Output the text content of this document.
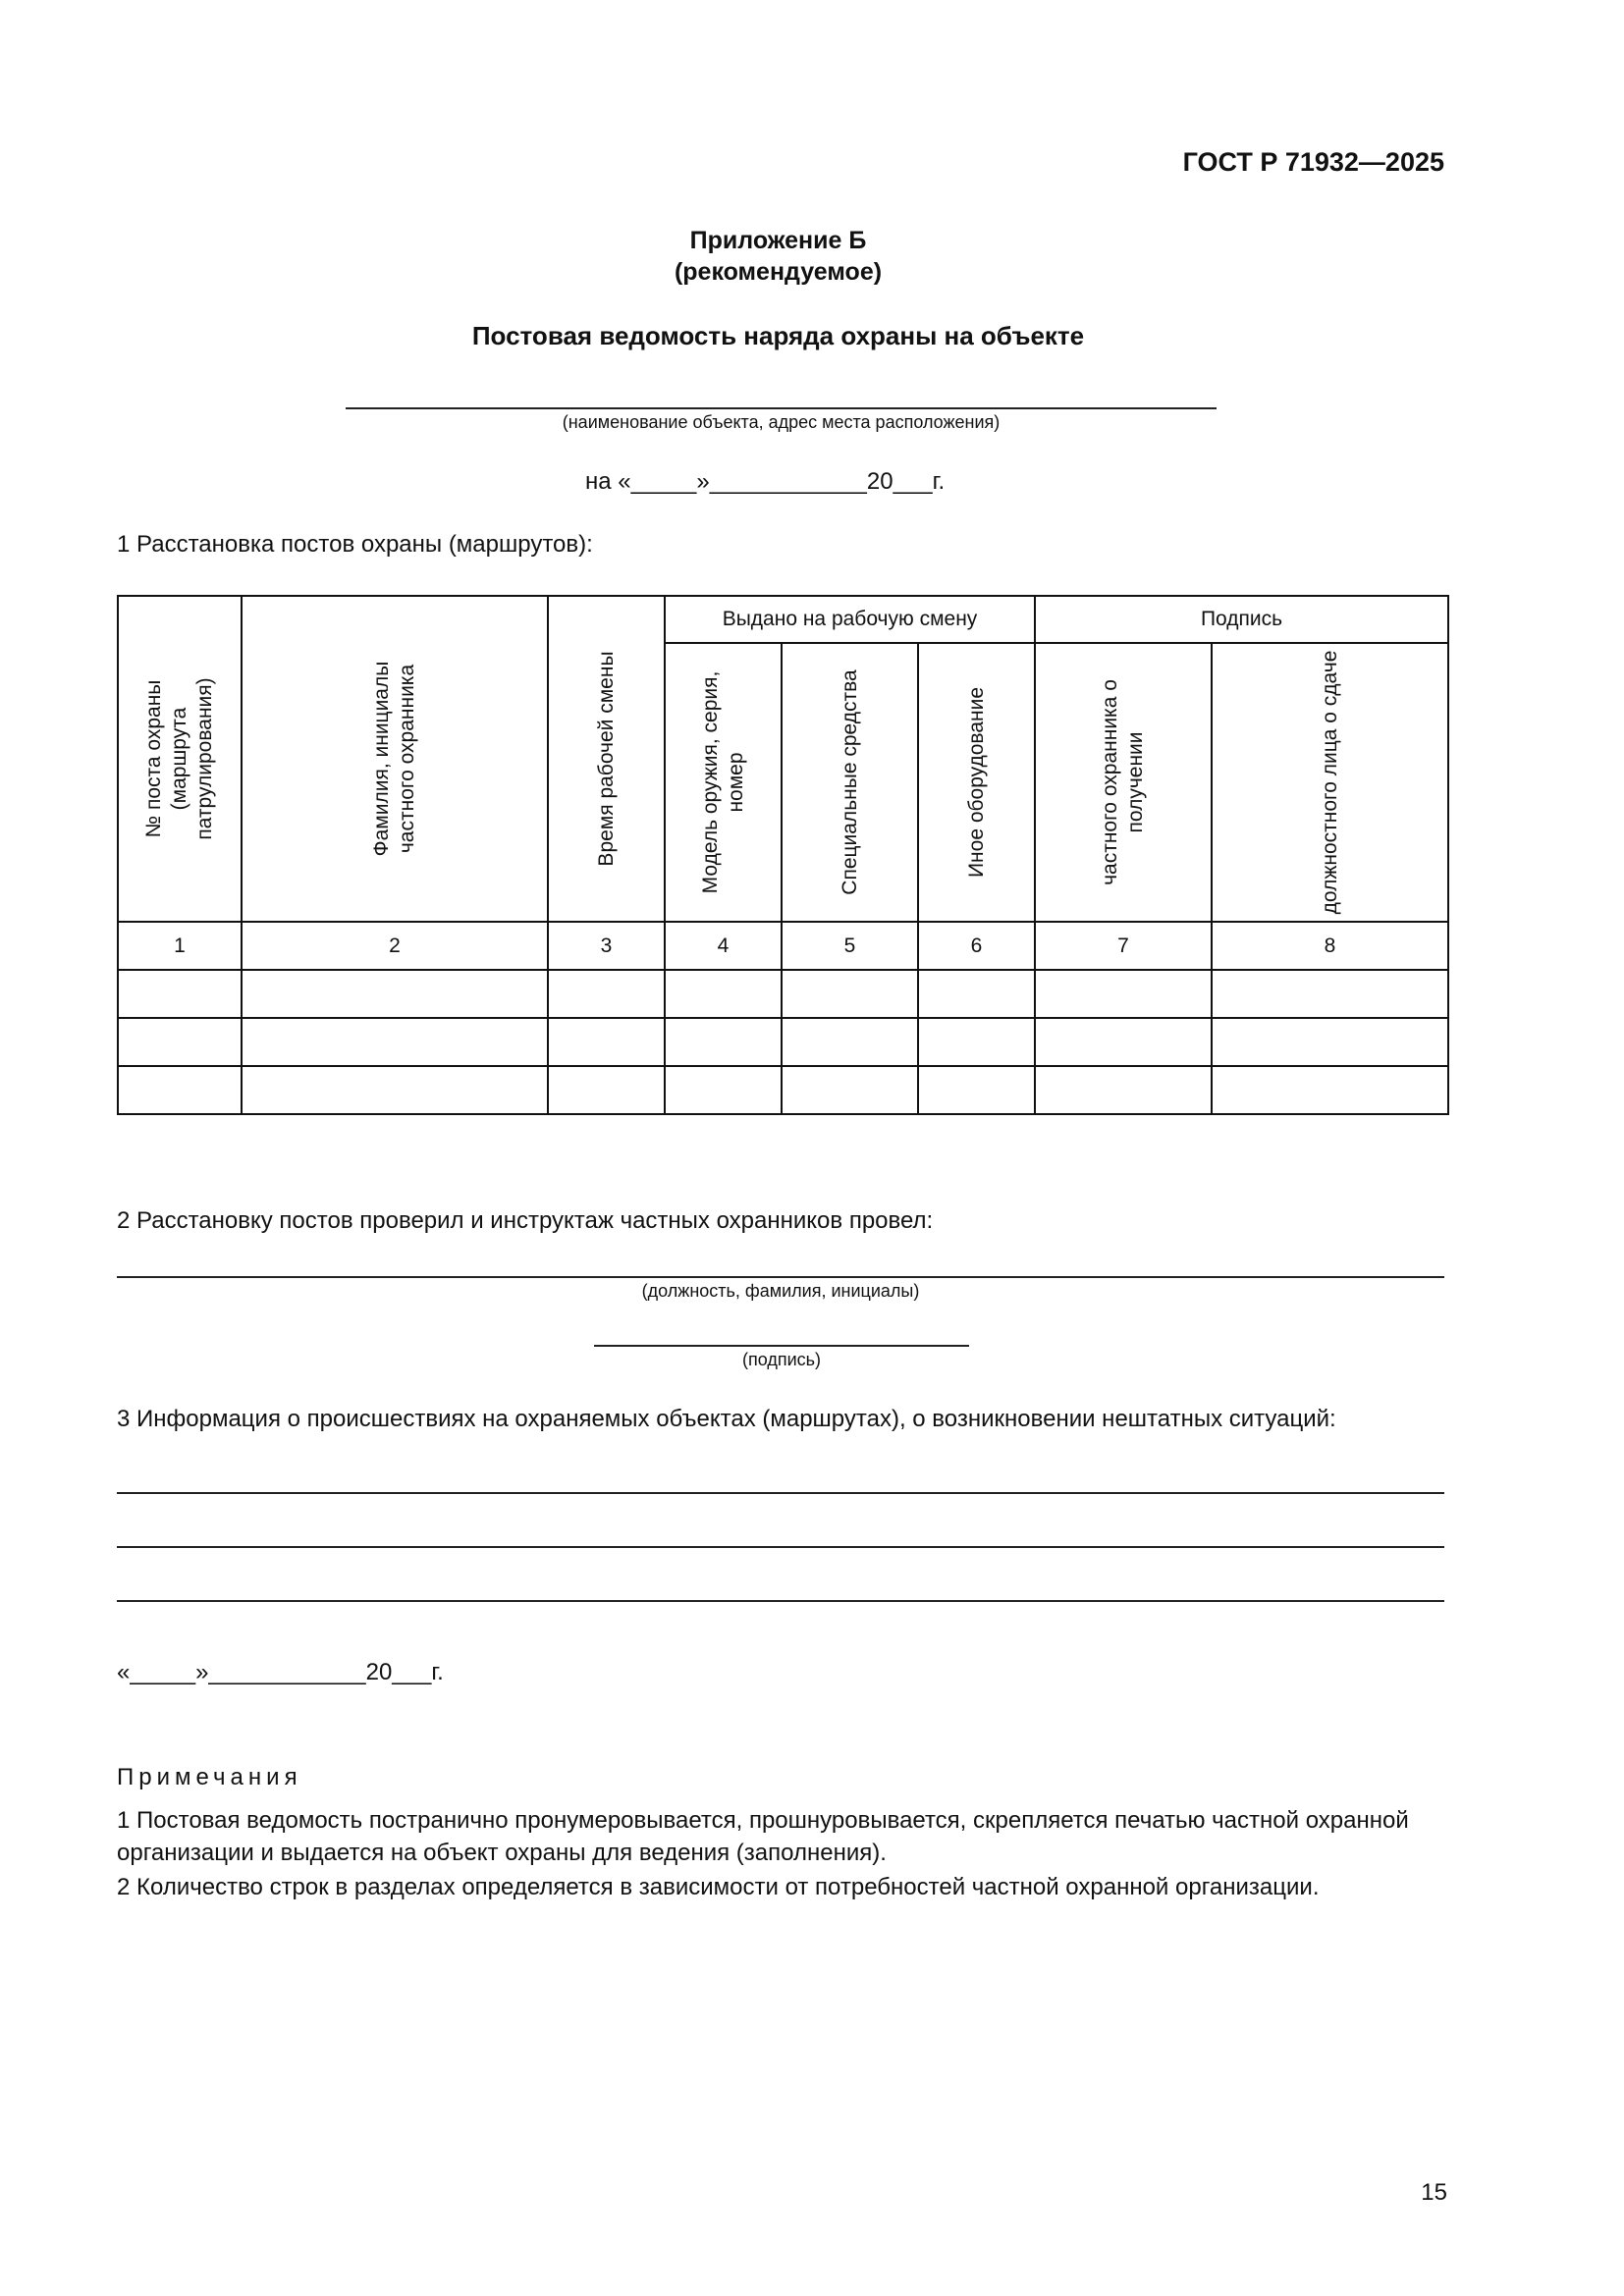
ГОСТ Р 71932—2025
Приложение Б
(рекомендуемое)
Постовая ведомость наряда охраны на объекте
(наименование объекта, адрес места расположения)
на «_____»____________20___г.
1 Расстановка постов охраны (маршрутов):
№ поста охраны (маршрута патрулирования)	Фамилия, инициалы частного охранника	Время рабочей смены	Выдано на рабочую смену			Подпись	

			Модель оружия, серия, номер	Специальные средства	Иное оборудование	частного охранника о получении	должностного лица о сдаче

1	2	3	4	5	6	7	8

2 Расстановку постов проверил и инструктаж частных охранников провел:
(должность, фамилия, инициалы)
(подпись)
3 Информация о происшествиях на охраняемых объектах (маршрутах), о возникновении нештатных ситуаций:
«_____»____________20___г.
Примечания
1 Постовая ведомость постранично пронумеровывается, прошнуровывается, скрепляется печатью частной охранной организации и выдается на объект охраны для ведения (заполнения).
2 Количество строк в разделах определяется в зависимости от потребностей частной охранной организации.
15
